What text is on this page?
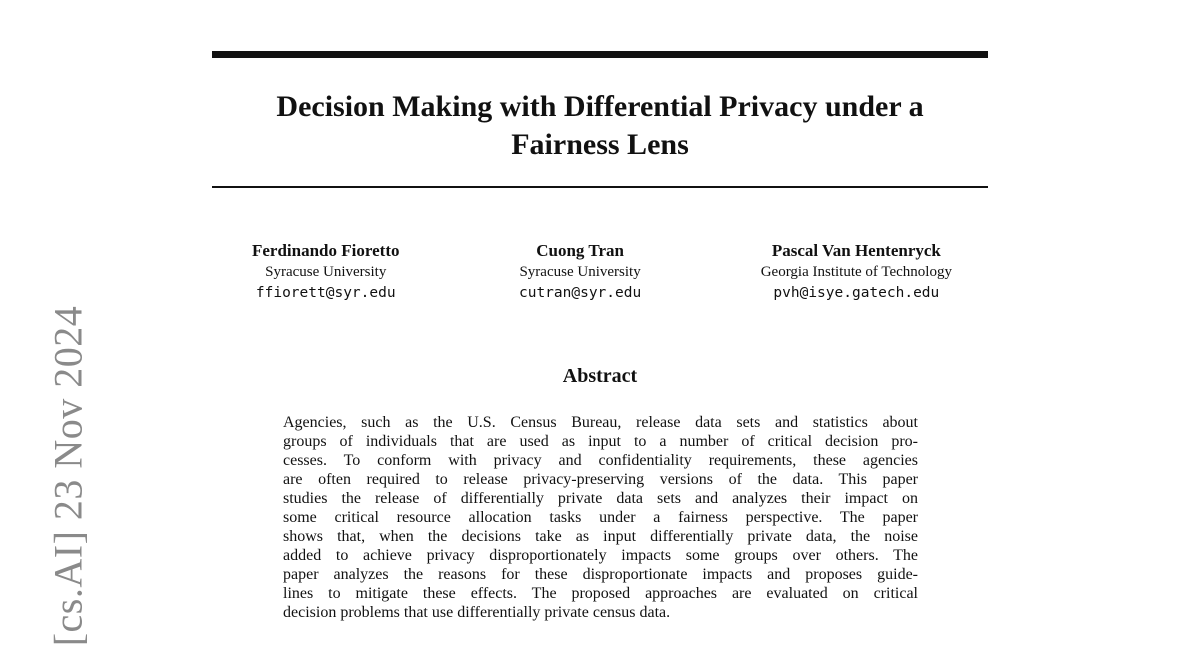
[cs.AI] 23 Nov 2024
Decision Making with Differential Privacy under a
Fairness Lens
Ferdinando Fioretto
Syracuse University
ffiorett@syr.edu
Cuong Tran
Syracuse University
cutran@syr.edu
Pascal Van Hentenryck
Georgia Institute of Technology
pvh@isye.gatech.edu
Abstract

Agencies, such as the U.S. Census Bureau, release data sets and statistics about
groups of individuals that are used as input to a number of critical decision pro-
cesses. To conform with privacy and confidentiality requirements, these agencies
are often required to release privacy-preserving versions of the data. This paper
studies the release of differentially private data sets and analyzes their impact on
some critical resource allocation tasks under a fairness perspective. The paper
shows that, when the decisions take as input differentially private data, the noise
added to achieve privacy disproportionately impacts some groups over others. The
paper analyzes the reasons for these disproportionate impacts and proposes guide-
lines to mitigate these effects. The proposed approaches are evaluated on critical
decision problems that use differentially private census data.
